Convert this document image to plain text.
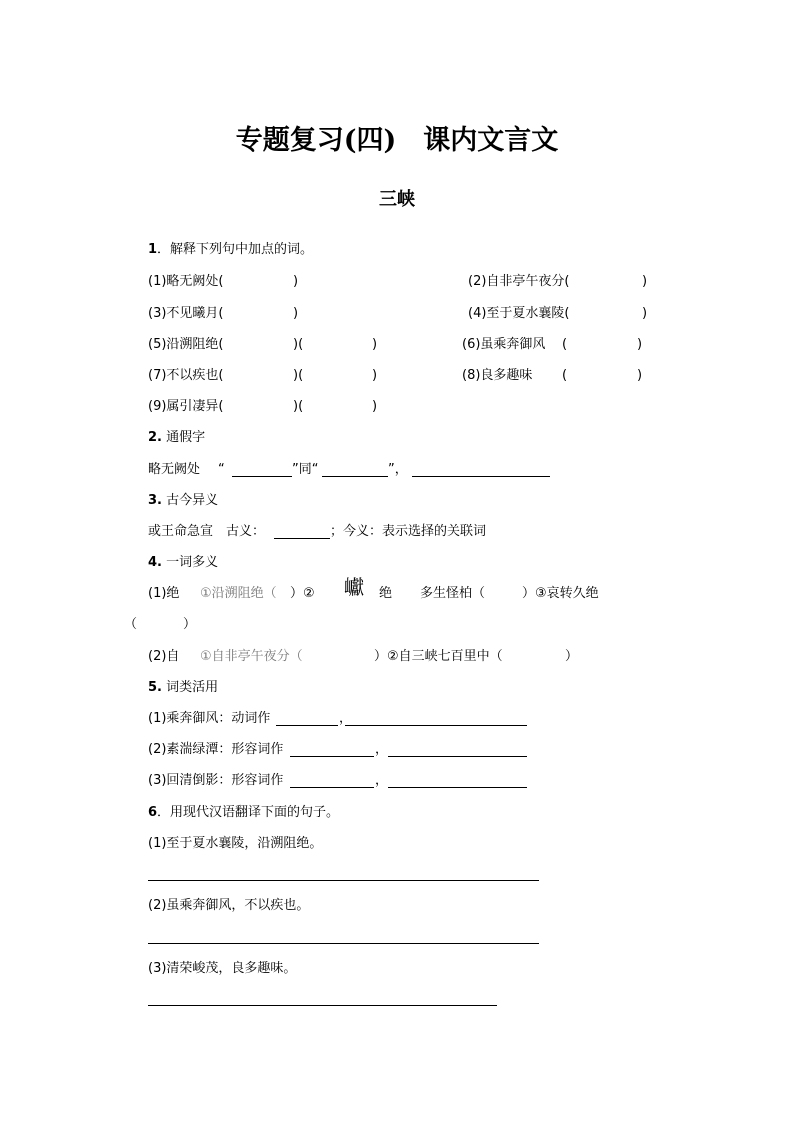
专题复习(四)　课内文言文
三峡
1．解释下列句中加点的词。
(1)略无阙处(	)	(2)自非亭午夜分(	)
(3)不见曦月(	)	(4)至于夏水襄陵(	)
(5)沿溯阻绝(	)(	)	(6)虽乘奔御风 (	)
(7)不以疾也(	)(	)	(8)良多趣味 (	)
(9)属引凄异(	)(	)
2. 通假字
略无阙处 “	”同“	”，
3. 古今异义
或王命急宣　古义：	；今义：表示选择的关联词
4. 一词多义
(1)绝 ①沿溯阻绝（ ）② 巘 绝 多生怪柏（	）③哀转久绝
（	）
(2)自 ①自非亭午夜分（	）②自三峡七百里中（	）
5. 词类活用
(1)乘奔御风：动词作	，
(2)素湍绿潭：形容词作	，
(3)回清倒影：形容词作	，
6．用现代汉语翻译下面的句子。
(1)至于夏水襄陵，沿溯阻绝。
(2)虽乘奔御风，不以疾也。
(3)清荣峻茂，良多趣味。
